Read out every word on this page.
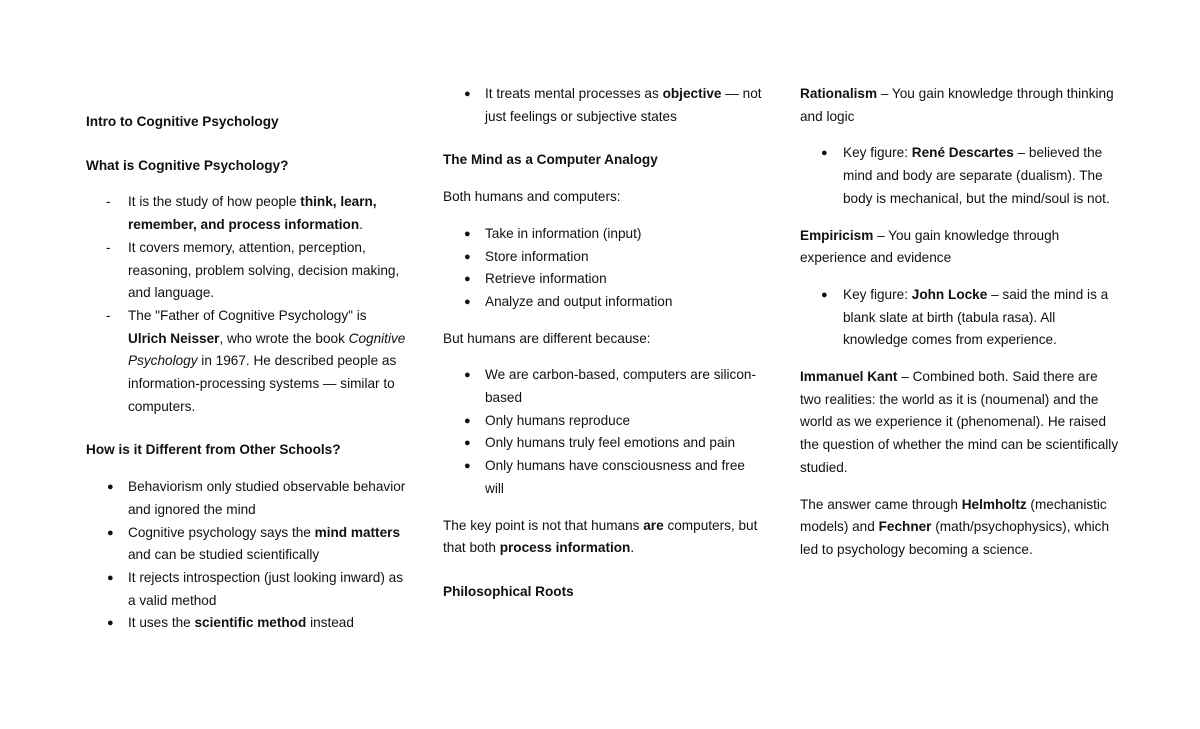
Intro to Cognitive Psychology

What is Cognitive Psychology?

-	It is the study of how people think, learn, remember, and process information.
-	It covers memory, attention, perception, reasoning, problem solving, decision making, and language.
-	The "Father of Cognitive Psychology" is Ulrich Neisser, who wrote the book Cognitive Psychology in 1967. He described people as information-processing systems — similar to computers.

How is it Different from Other Schools?

●	Behaviorism only studied observable behavior and ignored the mind
●	Cognitive psychology says the mind matters and can be studied scientifically
●	It rejects introspection (just looking inward) as a valid method
●	It uses the scientific method instead
●	It treats mental processes as objective — not just feelings or subjective states

The Mind as a Computer Analogy

Both humans and computers:

●	Take in information (input)
●	Store information
●	Retrieve information
●	Analyze and output information

But humans are different because:

●	We are carbon-based, computers are silicon-based
●	Only humans reproduce
●	Only humans truly feel emotions and pain
●	Only humans have consciousness and free will

The key point is not that humans are computers, but that both process information.

Philosophical Roots

Rationalism – You gain knowledge through thinking and logic

●	Key figure: René Descartes – believed the mind and body are separate (dualism). The body is mechanical, but the mind/soul is not.

Empiricism – You gain knowledge through experience and evidence

●	Key figure: John Locke – said the mind is a blank slate at birth (tabula rasa). All knowledge comes from experience.

Immanuel Kant – Combined both. Said there are two realities: the world as it is (noumenal) and the world as we experience it (phenomenal). He raised the question of whether the mind can be scientifically studied.

The answer came through Helmholtz (mechanistic models) and Fechner (math/psychophysics), which led to psychology becoming a science.
